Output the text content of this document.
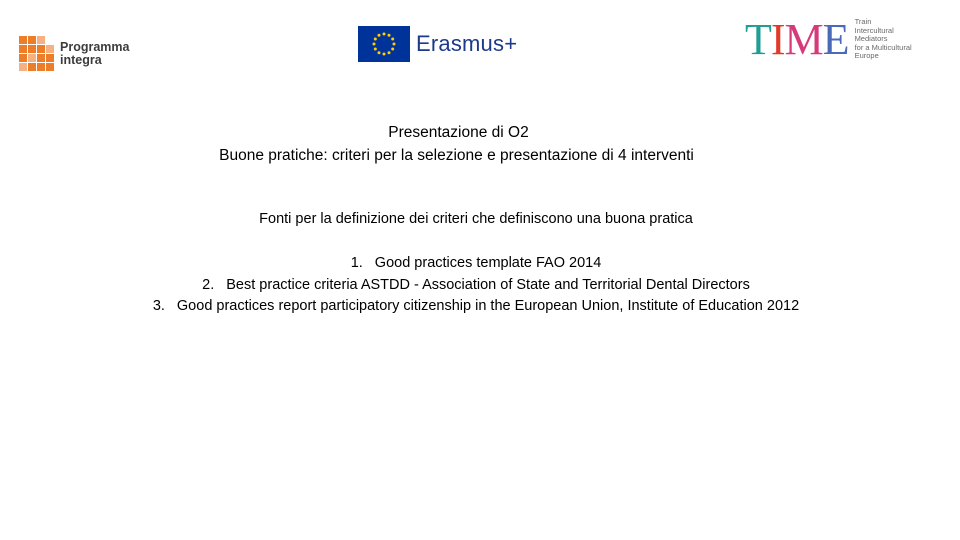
Programma
integra
Erasmus+	TIME Train
Intercultural
Mediators
for a Multicultural
Europe
Presentazione di O2
Buone pratiche: criteri per la selezione e presentazione di 4 interventi
Fonti per la definizione dei criteri che definiscono una buona pratica
1. Good practices template FAO 2014
2. Best practice criteria ASTDD - Association of State and Territorial Dental Directors
3. Good practices report participatory citizenship in the European Union, Institute of Education 2012
